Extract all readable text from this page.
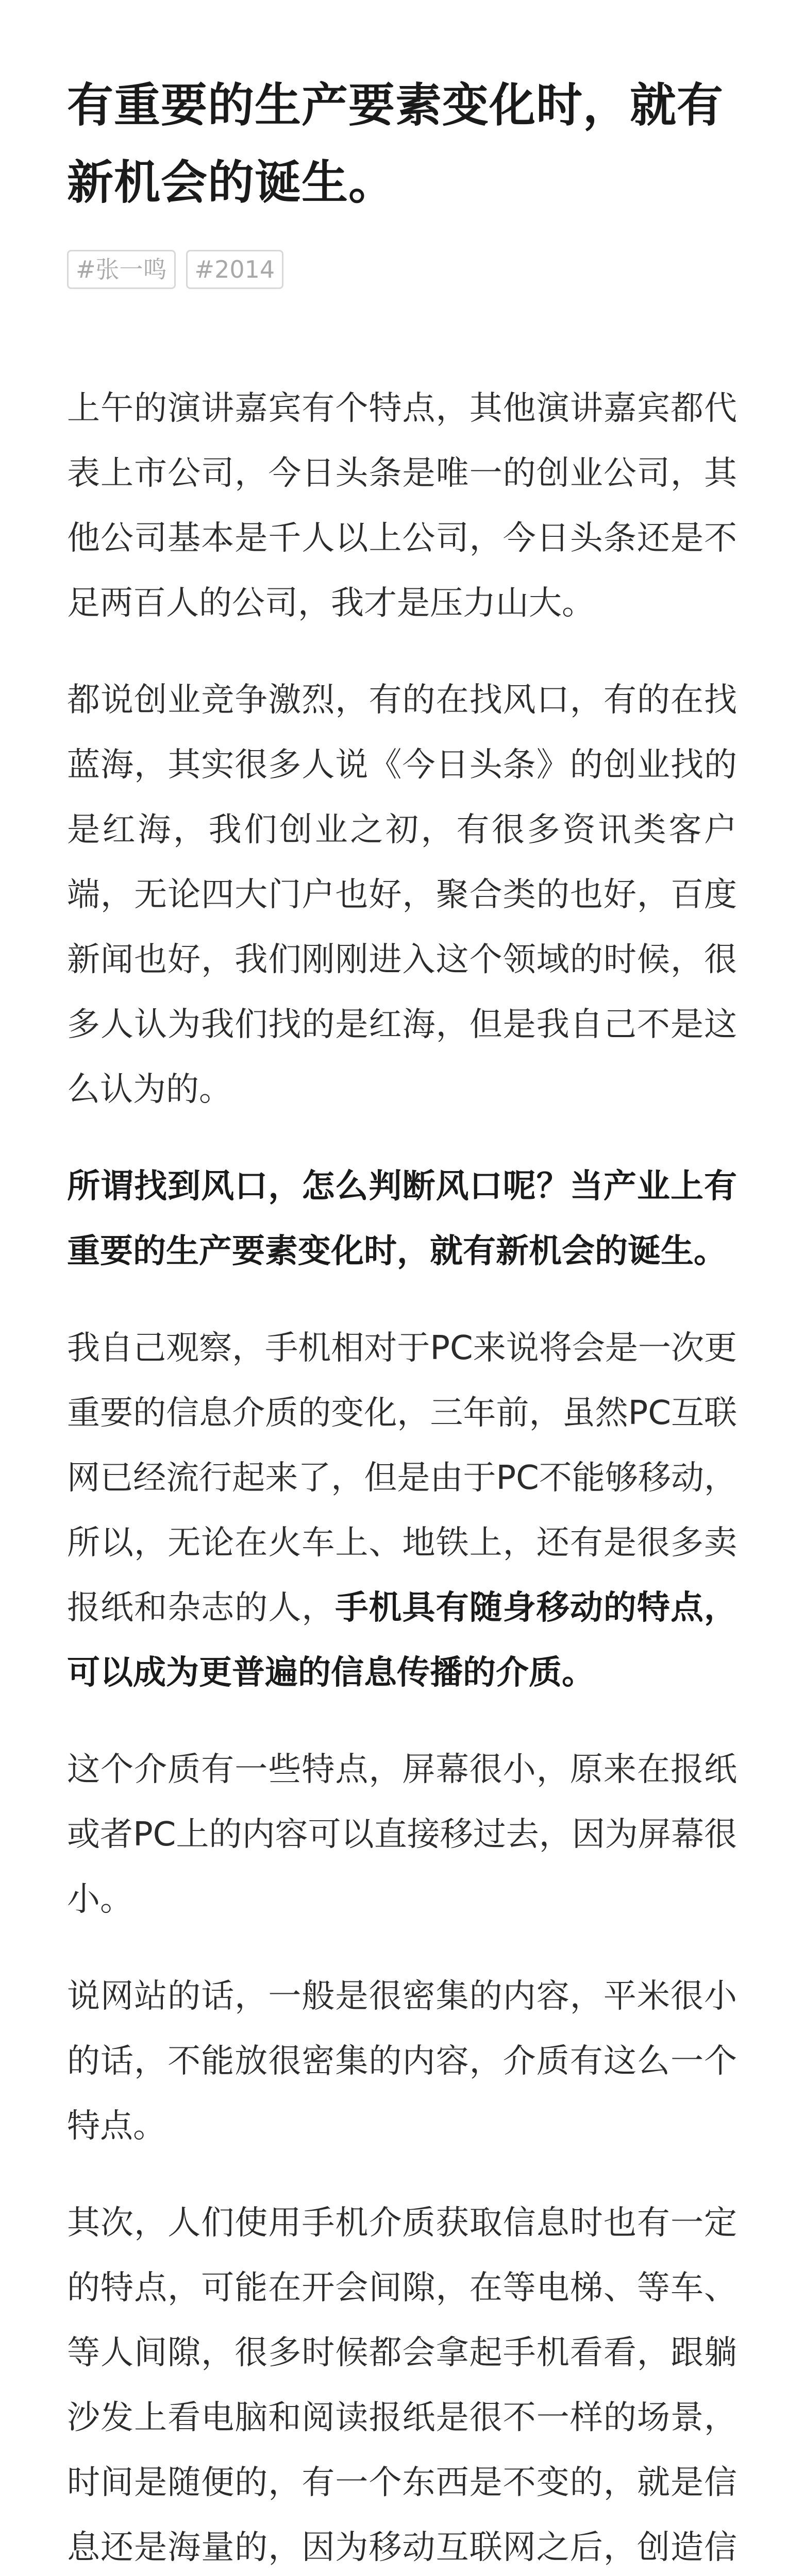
有重要的生产要素变化时，就有新机会的诞生。
#张一鸣	#2014

上午的演讲嘉宾有个特点，其他演讲嘉宾都代表上市公司，今日头条是唯一的创业公司，其他公司基本是千人以上公司，今日头条还是不足两百人的公司，我才是压力山大。

都说创业竞争激烈，有的在找风口，有的在找蓝海，其实很多人说《今日头条》的创业找的是红海，我们创业之初，有很多资讯类客户端，无论四大门户也好，聚合类的也好，百度新闻也好，我们刚刚进入这个领域的时候，很多人认为我们找的是红海，但是我自己不是这么认为的。

所谓找到风口，怎么判断风口呢？当产业上有重要的生产要素变化时，就有新机会的诞生。

我自己观察，手机相对于PC来说将会是一次更重要的信息介质的变化，三年前，虽然PC互联网已经流行起来了，但是由于PC不能够移动，所以，无论在火车上、地铁上，还有是很多卖报纸和杂志的人，手机具有随身移动的特点，可以成为更普遍的信息传播的介质。

这个介质有一些特点，屏幕很小，原来在报纸或者PC上的内容可以直接移过去，因为屏幕很小。

说网站的话，一般是很密集的内容，平米很小的话，不能放很密集的内容，介质有这么一个特点。

其次，人们使用手机介质获取信息时也有一定的特点，可能在开会间隙，在等电梯、等车、等人间隙，很多时候都会拿起手机看看，跟躺沙发上看电脑和阅读报纸是很不一样的场景，时间是随便的，有一个东西是不变的，就是信息还是海量的，因为移动互联网之后，创造信
